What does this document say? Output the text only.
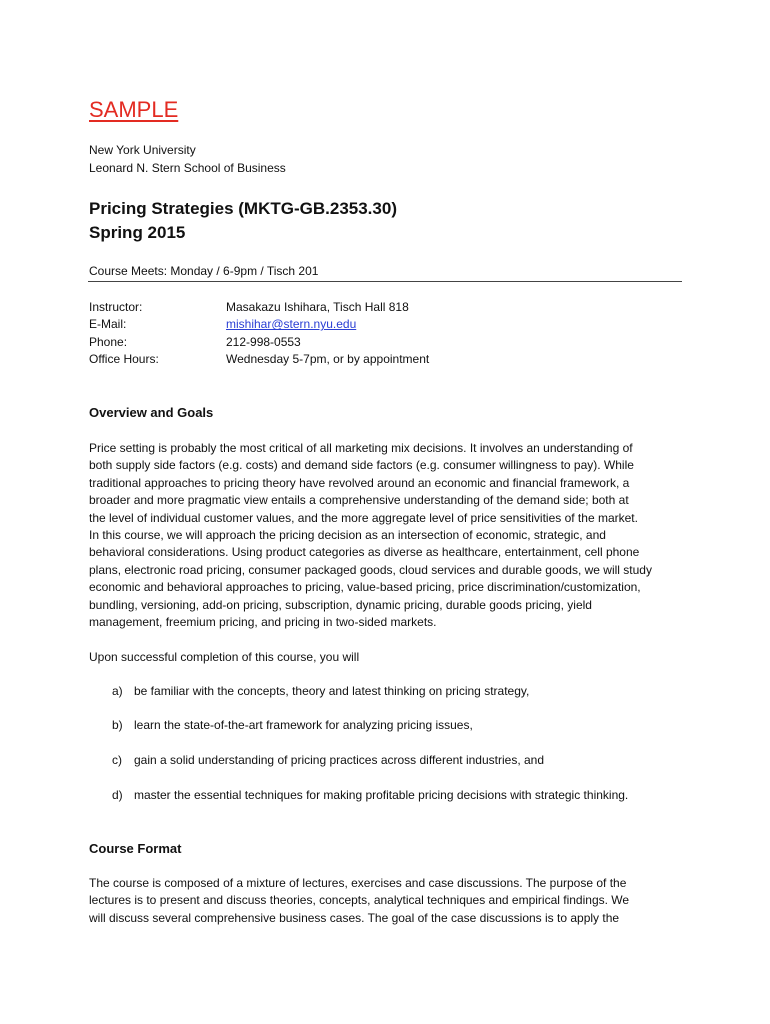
SAMPLE
New York University
Leonard N. Stern School of Business
Pricing Strategies (MKTG-GB.2353.30)
Spring 2015
Course Meets: Monday / 6-9pm / Tisch 201
Instructor:	Masakazu Ishihara, Tisch Hall 818
E-Mail:	mishihar@stern.nyu.edu
Phone:	212-998-0553
Office Hours:	Wednesday 5-7pm, or by appointment
Overview and Goals
Price setting is probably the most critical of all marketing mix decisions. It involves an understanding of
both supply side factors (e.g. costs) and demand side factors (e.g. consumer willingness to pay). While
traditional approaches to pricing theory have revolved around an economic and financial framework, a
broader and more pragmatic view entails a comprehensive understanding of the demand side; both at
the level of individual customer values, and the more aggregate level of price sensitivities of the market.
In this course, we will approach the pricing decision as an intersection of economic, strategic, and
behavioral considerations. Using product categories as diverse as healthcare, entertainment, cell phone
plans, electronic road pricing, consumer packaged goods, cloud services and durable goods, we will study
economic and behavioral approaches to pricing, value-based pricing, price discrimination/customization,
bundling, versioning, add-on pricing, subscription, dynamic pricing, durable goods pricing, yield
management, freemium pricing, and pricing in two-sided markets.
Upon successful completion of this course, you will
a) be familiar with the concepts, theory and latest thinking on pricing strategy,
b) learn the state-of-the-art framework for analyzing pricing issues,
c)	gain a solid understanding of pricing practices across different industries, and
d) master the essential techniques for making profitable pricing decisions with strategic thinking.
Course Format
The course is composed of a mixture of lectures, exercises and case discussions. The purpose of the
lectures is to present and discuss theories, concepts, analytical techniques and empirical findings. We
will discuss several comprehensive business cases. The goal of the case discussions is to apply the
